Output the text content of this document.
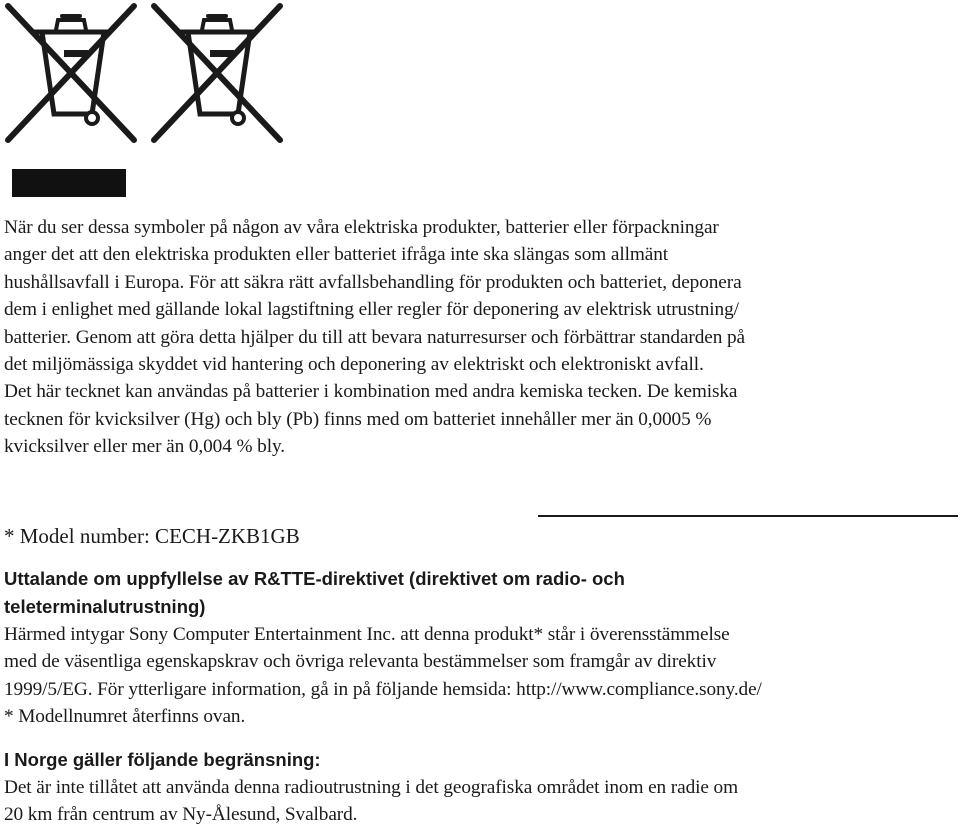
När du ser dessa symboler på någon av våra elektriska produkter, batterier eller förpackningar

anger det att den elektriska produkten eller batteriet ifråga inte ska slängas som allmänt

hushållsavfall i Europa. För att säkra rätt avfallsbehandling för produkten och batteriet, deponera

dem i enlighet med gällande lokal lagstiftning eller regler för deponering av elektrisk utrustning/

batterier. Genom att göra detta hjälper du till att bevara naturresurser och förbättrar standarden på

det miljömässiga skyddet vid hantering och deponering av elektriskt och elektroniskt avfall.

Det här tecknet kan användas på batterier i kombination med andra kemiska tecken. De kemiska

tecknen för kvicksilver (Hg) och bly (Pb) finns med om batteriet innehåller mer än 0,0005 %

kvicksilver eller mer än 0,004 % bly.

* Model number: CECH-ZKB1GB

Uttalande om uppfyllelse av R&TTE-direktivet (direktivet om radio- och

teleterminalutrustning)

Härmed intygar Sony Computer Entertainment Inc. att denna produkt* står i överensstämmelse

med de väsentliga egenskapskrav och övriga relevanta bestämmelser som framgår av direktiv

1999/5/EG. För ytterligare information, gå in på följande hemsida: http://www.compliance.sony.de/

* Modellnumret återfinns ovan.

I Norge gäller följande begränsning:

Det är inte tillåtet att använda denna radioutrustning i det geografiska området inom en radie om

20 km från centrum av Ny-Ålesund, Svalbard.
